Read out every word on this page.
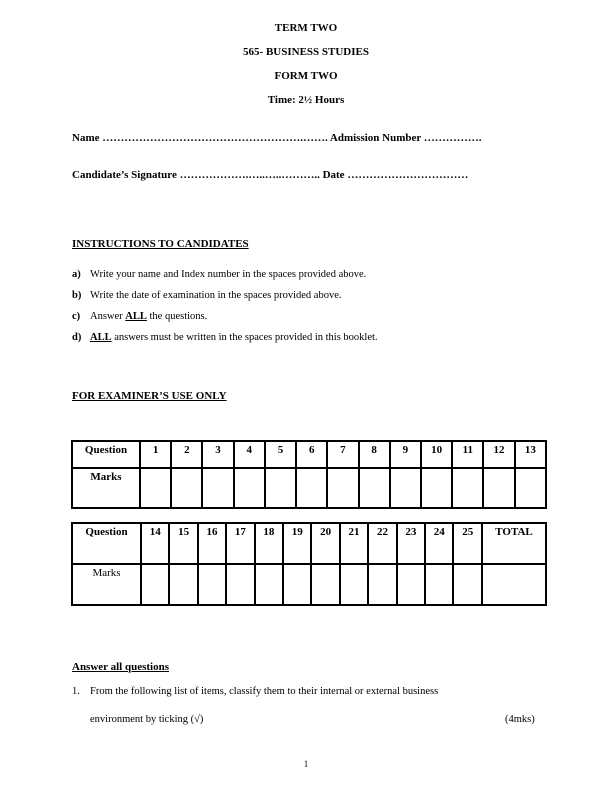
TERM TWO
565- BUSINESS STUDIES
FORM TWO
Time: 2½ Hours
Name ……………………………………………….……. Admission Number …………….
Candidate’s Signature ……………….…..…..……….. Date ……………………………
INSTRUCTIONS TO CANDIDATES
a) Write your name and Index number in the spaces provided above.
b) Write the date of examination in the spaces provided above.
c) Answer ALL the questions.
d) ALL answers must be written in the spaces provided in this booklet.
FOR EXAMINER’S USE ONLY
Question	1	2	3	4	5	6	7	8	9	10	11	12	13
Marks													
Question	14	15	16	17	18	19	20	21	22	23	24	25	TOTAL
Marks													
Answer all questions
1. From the following list of items, classify them to their internal or external business
environment by ticking (√)	(4mks)
1
